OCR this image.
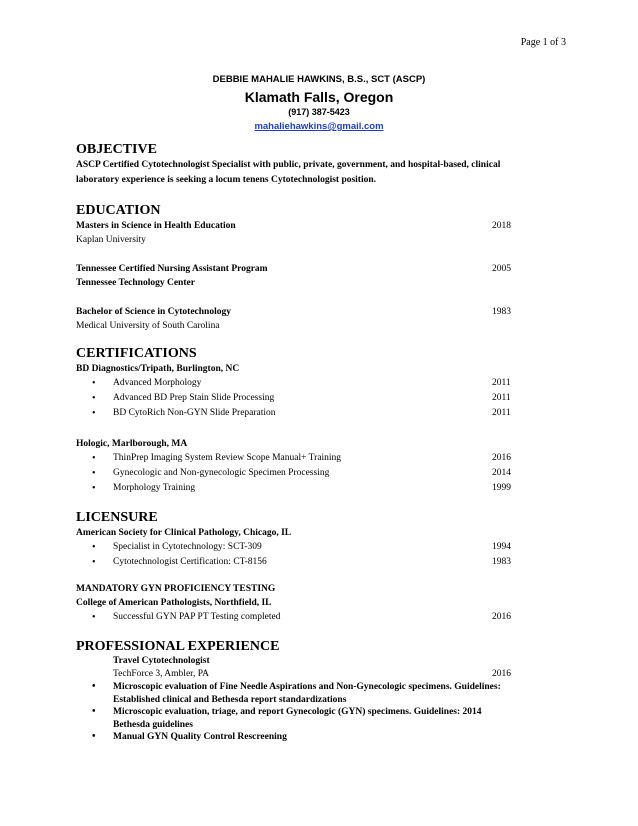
Page 1 of 3
DEBBIE MAHALIE HAWKINS, B.S., SCT (ASCP)
Klamath Falls, Oregon
(917) 387-5423
mahaliehawkins@gmail.com

OBJECTIVE

ASCP Certified Cytotechnologist Specialist with public, private, government, and hospital-based, clinical

laboratory experience is seeking a locum tenens Cytotechnologist position.

EDUCATION

Masters in Science in Health Education	2018
Kaplan University
Tennessee Certified Nursing Assistant Program	2005
Tennessee Technology Center
Bachelor of Science in Cytotechnology	1983
Medical University of South Carolina

CERTIFICATIONS

BD Diagnostics/Tripath, Burlington, NC
•	Advanced Morphology	2011
•	Advanced BD Prep Stain Slide Processing	2011
•	BD CytoRich Non-GYN Slide Preparation	2011
Hologic, Marlborough, MA
•	ThinPrep Imaging System Review Scope Manual+ Training	2016
•	Gynecologic and Non-gynecologic Specimen Processing	2014
•	Morphology Training	1999

LICENSURE

American Society for Clinical Pathology, Chicago, IL
•	Specialist in Cytotechnology: SCT-309	1994
•	Cytotechnologist Certification: CT-8156	1983
MANDATORY GYN PROFICIENCY TESTING
College of American Pathologists, Northfield, IL
•	Successful GYN PAP PT Testing completed	2016

PROFESSIONAL EXPERIENCE

Travel Cytotechnologist
TechForce 3, Ambler, PA	2016
•	Microscopic evaluation of Fine Needle Aspirations and Non-Gynecologic specimens. Guidelines:
Established clinical and Bethesda report standardizations
•	Microscopic evaluation, triage, and report Gynecologic (GYN) specimens. Guidelines: 2014
Bethesda guidelines
•	Manual GYN Quality Control Rescreening
